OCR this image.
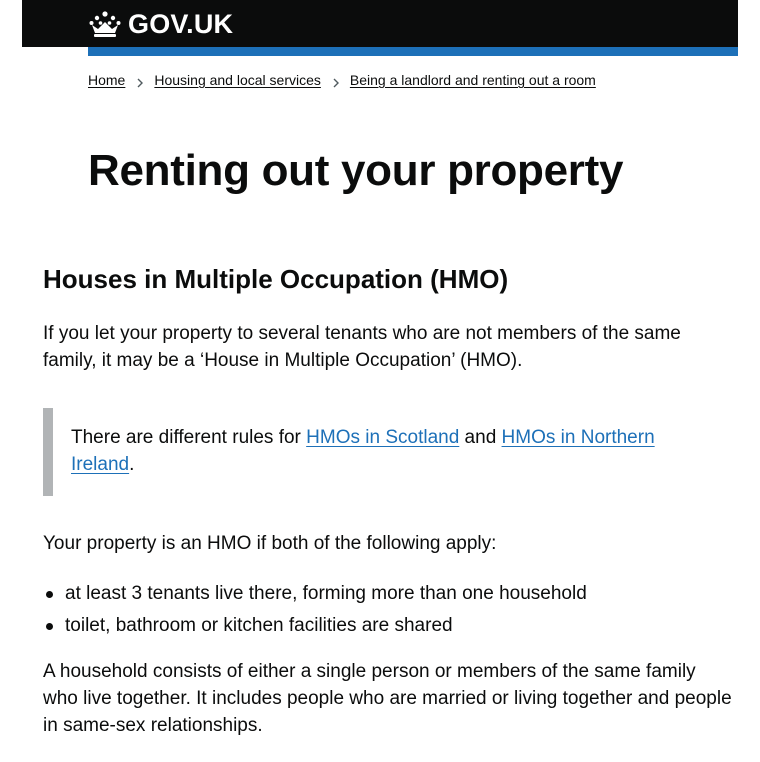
GOV.UK
Home Housing and local services Being a landlord and renting out a room
Renting out your property
Houses in Multiple Occupation (HMO)

If you let your property to several tenants who are not members of the same family, it may be a ‘House in Multiple Occupation’ (HMO).

There are different rules for HMOs in Scotland and HMOs in Northern Ireland.

Your property is an HMO if both of the following apply:

at least 3 tenants live there, forming more than one household
toilet, bathroom or kitchen facilities are shared

A household consists of either a single person or members of the same family who live together. It includes people who are married or living together and people in same-sex relationships.
